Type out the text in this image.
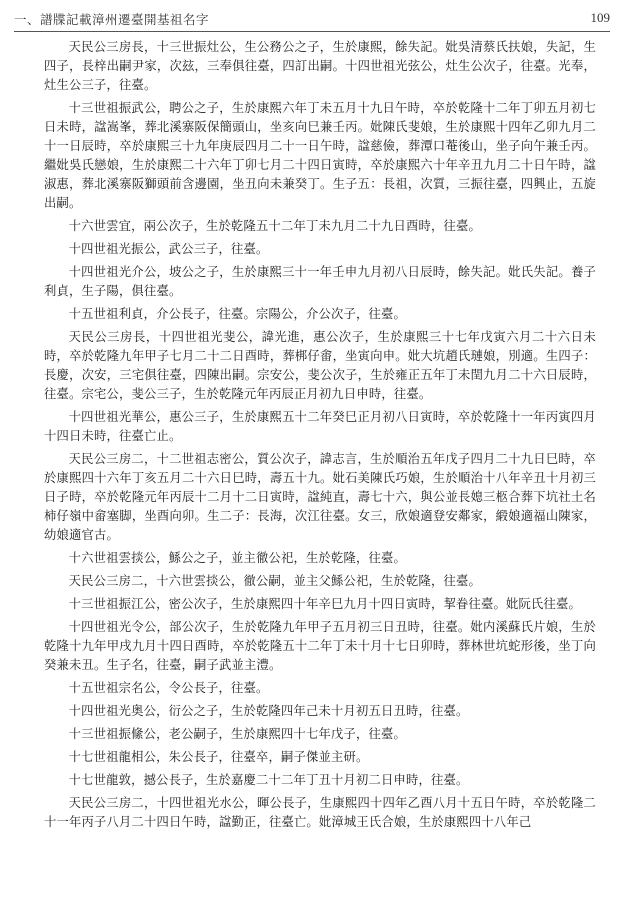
一、譜牒記載漳州遷臺開基祖名字	109

天民公三房長，十三世振灶公，生公務公之子，生於康熙，餘失記。妣吳清蔡氏扶娘，失記，生四子，長梓出嗣尹家，次玆，三奉俱往臺，四訂出嗣。十四世祖光弦公，灶生公次子，往臺。光奉，灶生公三子，往臺。

十三世祖振武公，聘公之子，生於康熙六年丁未五月十九日午時，卒於乾隆十二年丁卯五月初七日未時，諡嵩峯，葬北溪寨阪保簡頭山，坐亥向巳兼壬丙。妣陳氏斐娘，生於康熙十四年乙卯九月二十一日辰時，卒於康熙三十九年庚辰四月二十一日午時，諡慈儉，葬潭口菴後山，坐子向午兼壬丙。繼妣吳氏戀娘，生於康熙二十六年丁卯七月二十四日寅時，卒於康熙六十年辛丑九月二十日午時，諡淑惠，葬北溪寨阪獅頭前含邊園，坐丑向未兼癸丁。生子五：長祖，次質，三振往臺，四興止，五旋出嗣。

十六世雲宜，兩公次子，生於乾隆五十二年丁未九月二十九日酉時，往臺。

十四世祖光振公，武公三子，往臺。

十四世祖光介公，坡公之子，生於康熙三十一年壬申九月初八日辰時，餘失記。妣氏失記。養子利貞，生子陽，俱往臺。

十五世祖利貞，介公長子，往臺。宗陽公，介公次子，往臺。

天民公三房長，十四世祖光斐公，諱光進，惠公次子，生於康熙三十七年戊寅六月二十六日未時，卒於乾隆九年甲子七月二十二日酉時，葬梆仔畬，坐寅向申。妣大坑趙氏璉娘，別適。生四子：長慶，次安，三宅俱往臺，四陳出嗣。宗安公，斐公次子，生於雍正五年丁未閏九月二十六日辰時，往臺。宗宅公，斐公三子，生於乾隆元年丙辰正月初九日申時，往臺。

十四世祖光華公，惠公三子，生於康熙五十二年癸巳正月初八日寅時，卒於乾隆十一年丙寅四月十四日未時，往臺亡止。

天民公三房二，十二世祖志密公，質公次子，諱志言，生於順治五年戊子四月二十九日巳時，卒於康熙四十六年丁亥五月二十六日巳時，壽五十九。妣石美陳氏巧娘，生於順治十八年辛丑十月初三日子時，卒於乾隆元年丙辰十二月十二日寅時，諡純直，壽七十六，與公並長媳三柩合葬下坑社土名柿仔嶺中畲塞脚，坐酉向卯。生二子：長海，次江往臺。女三，欣娘適登安鄰家，緞娘適福山陳家，幼娘適官古。

十六世祖雲掞公，鯀公之子，並主徹公祀，生於乾隆，往臺。

天民公三房二，十六世雲掞公，徹公嗣，並主父鯀公祀，生於乾隆，往臺。

十三世祖振江公，密公次子，生於康熙四十年辛巳九月十四日寅時，挈眷往臺。妣阮氏往臺。

十四世祖光令公，部公次子，生於乾隆九年甲子五月初三日丑時，往臺。妣内溪蘇氏片娘，生於乾隆十九年甲戌九月十四日酉時，卒於乾隆五十二年丁未十月十七日卯時，葬林世坑蛇形後，坐丁向癸兼未丑。生子名，往臺，嗣子武並主澧。

十五世祖宗名公，令公長子，往臺。

十四世祖光奥公，衍公之子，生於乾隆四年己未十月初五日丑時，往臺。

十三世祖振絛公，老公嗣子，生於康熙四十七年戊子，往臺。

十七世祖龍相公，朱公長子，往臺卒，嗣子傑並主研。

十七世龍敦，撼公長子，生於嘉慶二十二年丁丑十月初二日申時，往臺。

天民公三房二，十四世祖光水公，暉公長子，生康熙四十四年乙酉八月十五日午時，卒於乾隆二十一年丙子八月二十四日午時，諡勤正，往臺亡。妣漳城王氏合娘，生於康熙四十八年己
